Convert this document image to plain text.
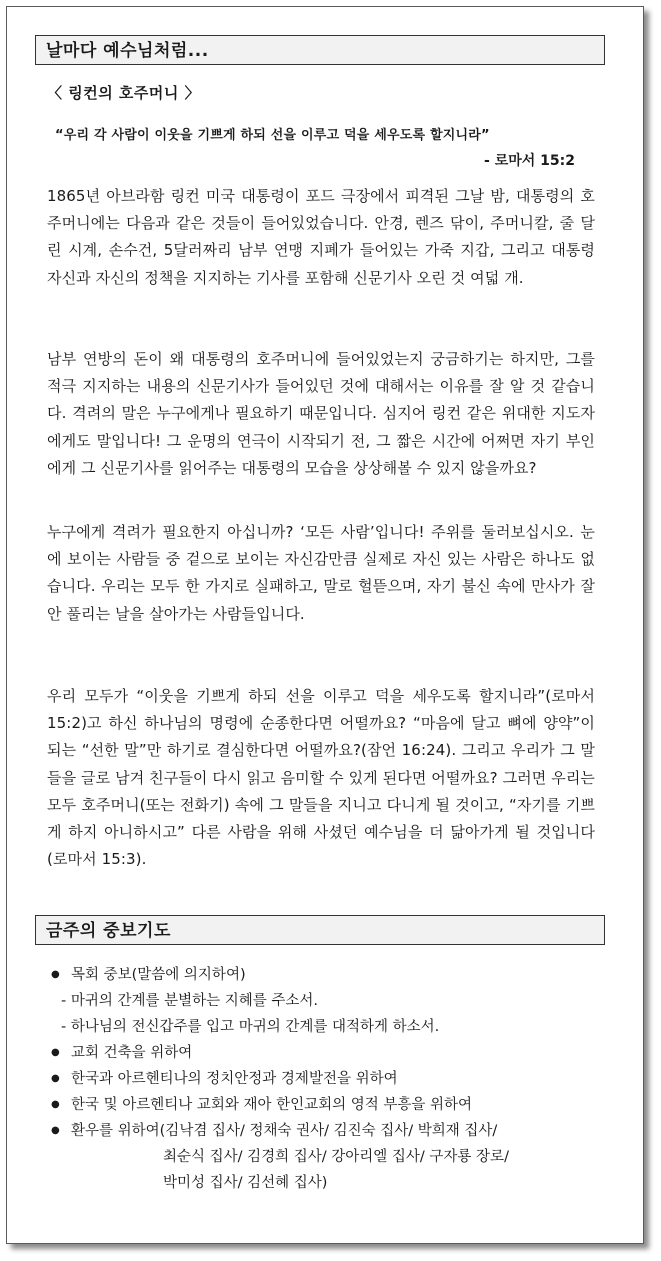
날마다 예수님처럼...
〈 링컨의 호주머니 〉
“우리 각 사람이 이웃을 기쁘게 하되 선을 이루고 덕을 세우도록 할지니라”
- 로마서 15:2

1865년 아브라함 링컨 미국 대통령이 포드 극장에서 피격된 그날 밤, 대통령의 호주머니에는 다음과 같은 것들이 들어있었습니다. 안경, 렌즈 닦이, 주머니칼, 줄 달린 시계, 손수건, 5달러짜리 남부 연맹 지폐가 들어있는 가죽 지갑, 그리고 대통령 자신과 자신의 정책을 지지하는 기사를 포함해 신문기사 오린 것 여덟 개.

남부 연방의 돈이 왜 대통령의 호주머니에 들어있었는지 궁금하기는 하지만, 그를 적극 지지하는 내용의 신문기사가 들어있던 것에 대해서는 이유를 잘 알 것 같습니다. 격려의 말은 누구에게나 필요하기 때문입니다. 심지어 링컨 같은 위대한 지도자에게도 말입니다! 그 운명의 연극이 시작되기 전, 그 짧은 시간에 어쩌면 자기 부인에게 그 신문기사를 읽어주는 대통령의 모습을 상상해볼 수 있지 않을까요?

누구에게 격려가 필요한지 아십니까? ‘모든 사람’입니다! 주위를 둘러보십시오. 눈에 보이는 사람들 중 겉으로 보이는 자신감만큼 실제로 자신 있는 사람은 하나도 없습니다. 우리는 모두 한 가지로 실패하고, 말로 헐뜯으며, 자기 불신 속에 만사가 잘 안 풀리는 날을 살아가는 사람들입니다.

우리 모두가 “이웃을 기쁘게 하되 선을 이루고 덕을 세우도록 할지니라”(로마서 15:2)고 하신 하나님의 명령에 순종한다면 어떨까요? “마음에 달고 뼈에 양약”이 되는 “선한 말”만 하기로 결심한다면 어떨까요?(잠언 16:24). 그리고 우리가 그 말들을 글로 남겨 친구들이 다시 읽고 음미할 수 있게 된다면 어떨까요? 그러면 우리는 모두 호주머니(또는 전화기) 속에 그 말들을 지니고 다니게 될 것이고, “자기를 기쁘게 하지 아니하시고” 다른 사람을 위해 사셨던 예수님을 더 닮아가게 될 것입니다(로마서 15:3).

금주의 중보기도
● 목회 중보(말씀에 의지하여)
- 마귀의 간계를 분별하는 지혜를 주소서.
- 하나님의 전신갑주를 입고 마귀의 간계를 대적하게 하소서.
● 교회 건축을 위하여
● 한국과 아르헨티나의 정치안정과 경제발전을 위하여
● 한국 및 아르헨티나 교회와 재아 한인교회의 영적 부흥을 위하여
● 환우를 위하여(김낙겸 집사/ 정채숙 권사/ 김진숙 집사/ 박희재 집사/
최순식 집사/ 김경희 집사/ 강아리엘 집사/ 구자룡 장로/
박미성 집사/ 김선혜 집사)
